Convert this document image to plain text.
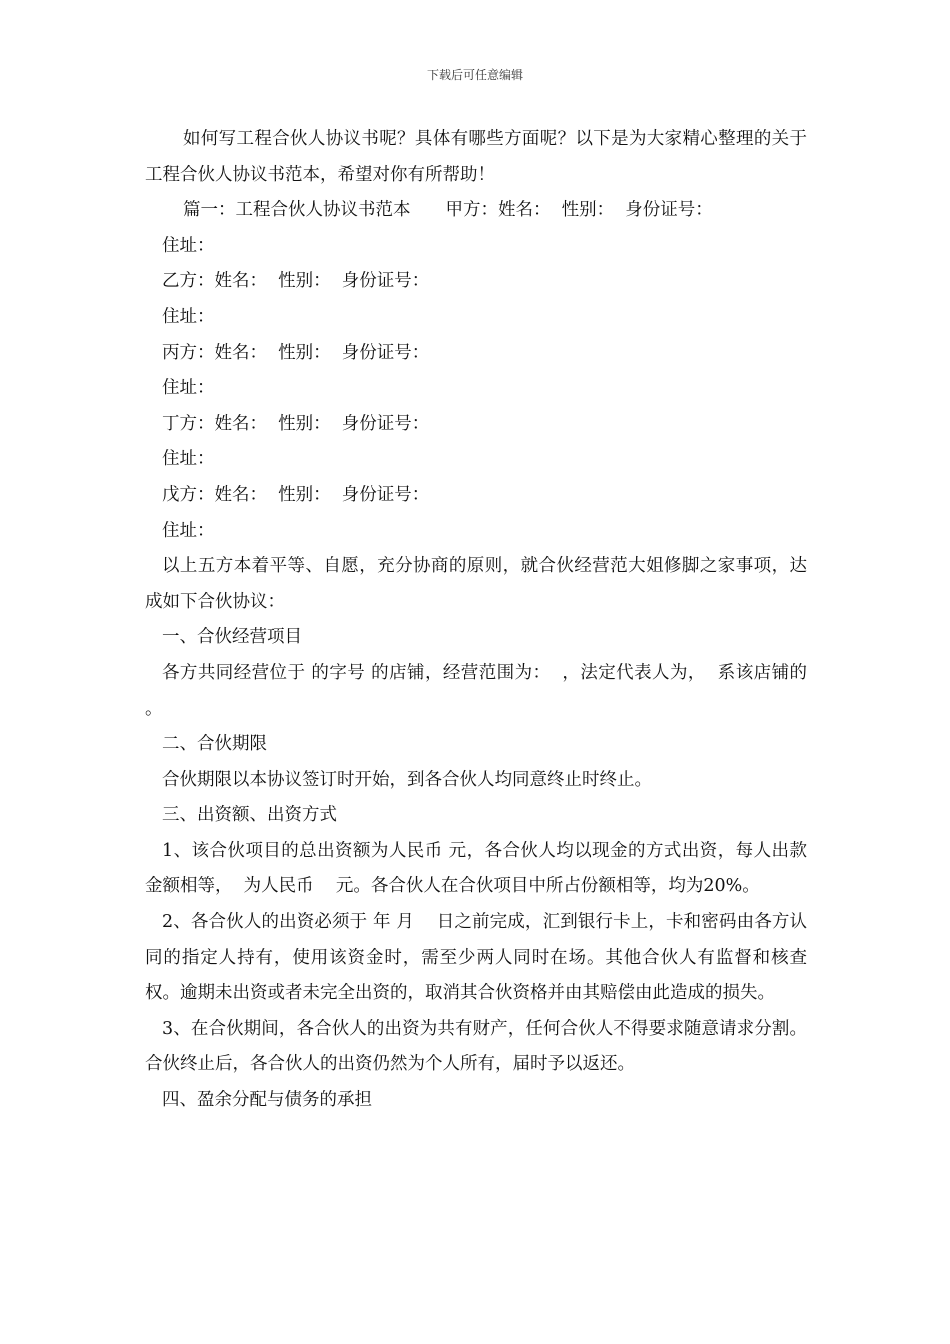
下载后可任意编辑

如何写工程合伙人协议书呢？具体有哪些方面呢？以下是为大家精心整理的关于工程合伙人协议书范本，希望对你有所帮助！

篇一：工程合伙人协议书范本　　甲方：姓名：  性别：  身份证号：

住址：

乙方：姓名：  性别：  身份证号：

住址：

丙方：姓名：  性别：  身份证号：

住址：

丁方：姓名：  性别：  身份证号：

住址：

戊方：姓名：  性别：  身份证号：

住址：

以上五方本着平等、自愿，充分协商的原则，就合伙经营范大姐修脚之家事项，达成如下合伙协议：

一、合伙经营项目

各方共同经营位于 的字号 的店铺，经营范围为：  ，法定代表人为，  系该店铺的 。

二、合伙期限

合伙期限以本协议签订时开始，到各合伙人均同意终止时终止。

三、出资额、出资方式

1、该合伙项目的总出资额为人民币 元，各合伙人均以现金的方式出资，每人出款金额相等，  为人民币    元。各合伙人在合伙项目中所占份额相等，均为20%。

2、各合伙人的出资必须于 年 月    日之前完成，汇到银行卡上，卡和密码由各方认同的指定人持有，使用该资金时，需至少两人同时在场。其他合伙人有监督和核查权。逾期未出资或者未完全出资的，取消其合伙资格并由其赔偿由此造成的损失。

3、在合伙期间，各合伙人的出资为共有财产，任何合伙人不得要求随意请求分割。合伙终止后，各合伙人的出资仍然为个人所有，届时予以返还。

四、盈余分配与债务的承担
